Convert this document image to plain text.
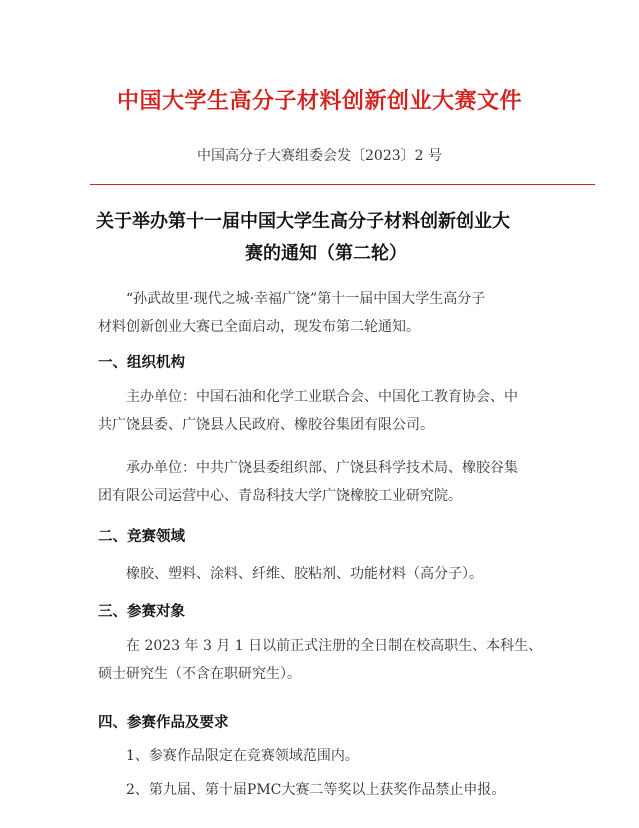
中国大学生高分子材料创新创业大赛文件
中国高分子大赛组委会发〔2023〕2 号
关于举办第十一届中国大学生高分子材料创新创业大
赛的通知（第二轮）
“孙武故里·现代之城·幸福广饶”第十一届中国大学生高分子
材料创新创业大赛已全面启动，现发布第二轮通知。
一、组织机构
主办单位：中国石油和化学工业联合会、中国化工教育协会、中
共广饶县委、广饶县人民政府、橡胶谷集团有限公司。
承办单位：中共广饶县委组织部、广饶县科学技术局、橡胶谷集
团有限公司运营中心、青岛科技大学广饶橡胶工业研究院。
二、竞赛领域
橡胶、塑料、涂料、纤维、胶粘剂、功能材料（高分子）。
三、参赛对象
在 2023 年 3 月 1 日以前正式注册的全日制在校高职生、本科生、
硕士研究生（不含在职研究生）。
四、参赛作品及要求
1、参赛作品限定在竞赛领域范围内。
2、第九届、第十届PMC大赛二等奖以上获奖作品禁止申报。
